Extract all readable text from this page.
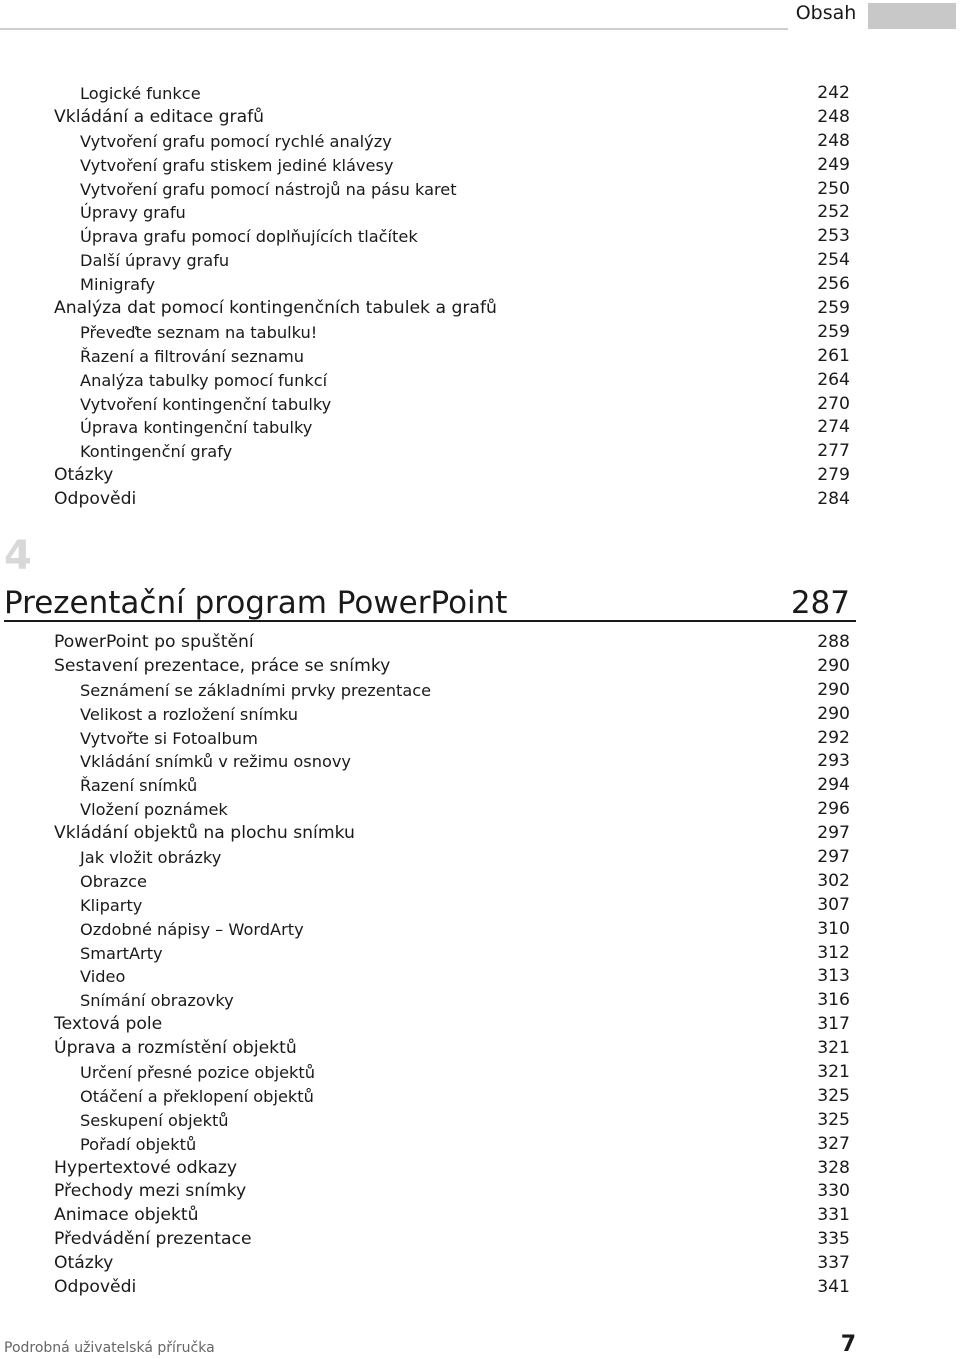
Obsah
Logické funkce	242
Vkládání a editace grafů	248
Vytvoření grafu pomocí rychlé analýzy	248
Vytvoření grafu stiskem jediné klávesy	249
Vytvoření grafu pomocí nástrojů na pásu karet	250
Úpravy grafu	252
Úprava grafu pomocí doplňujících tlačítek	253
Další úpravy grafu	254
Minigrafy	256
Analýza dat pomocí kontingenčních tabulek a grafů	259
Převeďte seznam na tabulku!	259
Řazení a filtrování seznamu	261
Analýza tabulky pomocí funkcí	264
Vytvoření kontingenční tabulky	270
Úprava kontingenční tabulky	274
Kontingenční grafy	277
Otázky	279
Odpovědi	284
4
Prezentační program PowerPoint	287
PowerPoint po spuštění	288
Sestavení prezentace, práce se snímky	290
Seznámení se základními prvky prezentace	290
Velikost a rozložení snímku	290
Vytvořte si Fotoalbum	292
Vkládání snímků v režimu osnovy	293
Řazení snímků	294
Vložení poznámek	296
Vkládání objektů na plochu snímku	297
Jak vložit obrázky	297
Obrazce	302
Kliparty	307
Ozdobné nápisy – WordArty	310
SmartArty	312
Video	313
Snímání obrazovky	316
Textová pole	317
Úprava a rozmístění objektů	321
Určení přesné pozice objektů	321
Otáčení a překlopení objektů	325
Seskupení objektů	325
Pořadí objektů	327
Hypertextové odkazy	328
Přechody mezi snímky	330
Animace objektů	331
Předvádění prezentace	335
Otázky	337
Odpovědi	341
Podrobná uživatelská příručka	7
